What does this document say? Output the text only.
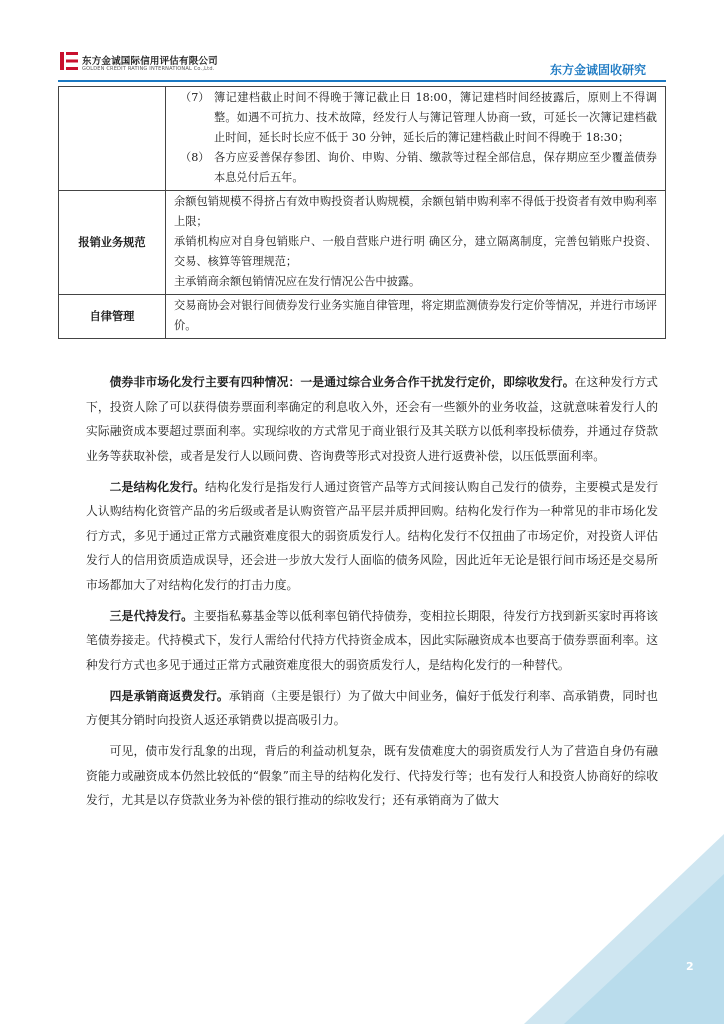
东方金诚国际信用评估有限公司
GOLDEN CREDIT RATING INTERNATIONAL Co.,Ltd.	东方金诚固收研究

	（7） 簿记建档截止时间不得晚于簿记截止日 18:00，簿记建档时间经披露后，原则上不得调整。如遇不可抗力、技术故障，经发行人与簿记管理人协商一致，可延长一次簿记建档截止时间，延长时长应不低于 30 分钟，延长后的簿记建档截止时间不得晚于 18:30；
（8） 各方应妥善保存参团、询价、申购、分销、缴款等过程全部信息，保存期应至少覆盖债券本息兑付后五年。

报销业务规范	余额包销规模不得挤占有效申购投资者认购规模，余额包销申购利率不得低于投资者有效申购利率上限；
承销机构应对自身包销账户、一般自营账户进行明 确区分，建立隔离制度，完善包销账户投资、交易、核算等管理规范；
主承销商余额包销情况应在发行情况公告中披露。

自律管理	交易商协会对银行间债券发行业务实施自律管理，将定期监测债券发行定价等情况，并进行市场评价。

债券非市场化发行主要有四种情况：一是通过综合业务合作干扰发行定价，即综收发行。在这种发行方式下，投资人除了可以获得债券票面利率确定的利息收入外，还会有一些额外的业务收益，这就意味着发行人的实际融资成本要超过票面利率。实现综收的方式常见于商业银行及其关联方以低利率投标债券，并通过存贷款业务等获取补偿，或者是发行人以顾问费、咨询费等形式对投资人进行返费补偿，以压低票面利率。

二是结构化发行。结构化发行是指发行人通过资管产品等方式间接认购自己发行的债券，主要模式是发行人认购结构化资管产品的劣后级或者是认购资管产品平层并质押回购。结构化发行作为一种常见的非市场化发行方式，多见于通过正常方式融资难度很大的弱资质发行人。结构化发行不仅扭曲了市场定价，对投资人评估发行人的信用资质造成误导，还会进一步放大发行人面临的债务风险，因此近年无论是银行间市场还是交易所市场都加大了对结构化发行的打击力度。

三是代持发行。主要指私募基金等以低利率包销代持债券，变相拉长期限，待发行方找到新买家时再将该笔债券接走。代持模式下，发行人需给付代持方代持资金成本，因此实际融资成本也要高于债券票面利率。这种发行方式也多见于通过正常方式融资难度很大的弱资质发行人，是结构化发行的一种替代。

四是承销商返费发行。承销商（主要是银行）为了做大中间业务，偏好于低发行利率、高承销费，同时也方便其分销时向投资人返还承销费以提高吸引力。

可见，债市发行乱象的出现，背后的利益动机复杂，既有发债难度大的弱资质发行人为了营造自身仍有融资能力或融资成本仍然比较低的“假象”而主导的结构化发行、代持发行等；也有发行人和投资人协商好的综收发行，尤其是以存贷款业务为补偿的银行推动的综收发行；还有承销商为了做大

2
